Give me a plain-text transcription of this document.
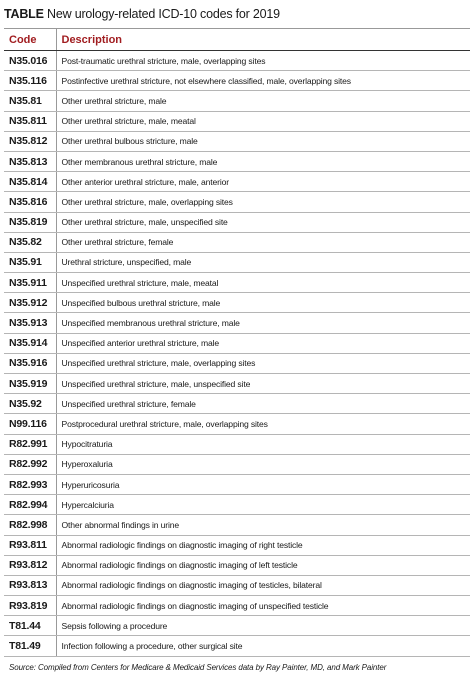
TABLE New urology-related ICD-10 codes for 2019
Code	Description
N35.016	Post-traumatic urethral stricture, male, overlapping sites
N35.116	Postinfective urethral stricture, not elsewhere classified, male, overlapping sites
N35.81	Other urethral stricture, male
N35.811	Other urethral stricture, male, meatal
N35.812	Other urethral bulbous stricture, male
N35.813	Other membranous urethral stricture, male
N35.814	Other anterior urethral stricture, male, anterior
N35.816	Other urethral stricture, male, overlapping sites
N35.819	Other urethral stricture, male, unspecified site
N35.82	Other urethral stricture, female
N35.91	Urethral stricture, unspecified, male
N35.911	Unspecified urethral stricture, male, meatal
N35.912	Unspecified bulbous urethral stricture, male
N35.913	Unspecified membranous urethral stricture, male
N35.914	Unspecified anterior urethral stricture, male
N35.916	Unspecified urethral stricture, male, overlapping sites
N35.919	Unspecified urethral stricture, male, unspecified site
N35.92	Unspecified urethral stricture, female
N99.116	Postprocedural urethral stricture, male, overlapping sites
R82.991	Hypocitraturia
R82.992	Hyperoxaluria
R82.993	Hyperuricosuria
R82.994	Hypercalciuria
R82.998	Other abnormal findings in urine
R93.811	Abnormal radiologic findings on diagnostic imaging of right testicle
R93.812	Abnormal radiologic findings on diagnostic imaging of left testicle
R93.813	Abnormal radiologic findings on diagnostic imaging of testicles, bilateral
R93.819	Abnormal radiologic findings on diagnostic imaging of unspecified testicle
T81.44	Sepsis following a procedure
T81.49	Infection following a procedure, other surgical site
Source: Compiled from Centers for Medicare & Medicaid Services data by Ray Painter, MD, and Mark Painter
